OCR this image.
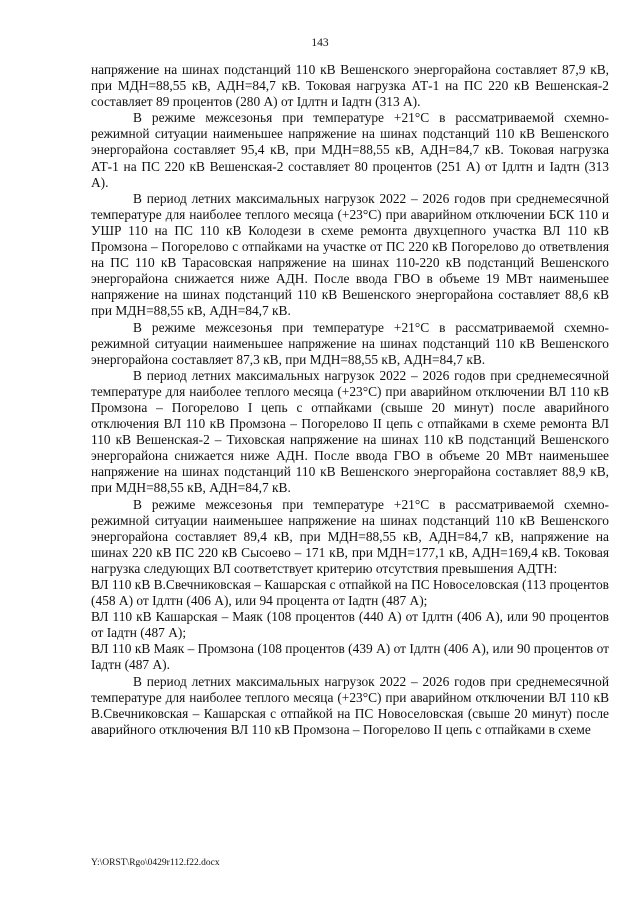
143

напряжение на шинах подстанций 110 кВ Вешенского энергорайона составляет 87,9 кВ, при МДН=88,55 кВ, АДН=84,7 кВ. Токовая нагрузка АТ-1 на ПС 220 кВ Вешенская-2 составляет 89 процентов (280 А) от Iдлтн и Iадтн (313 А).

В режиме межсезонья при температуре +21°С в рассматриваемой схемно-режимной ситуации наименьшее напряжение на шинах подстанций 110 кВ Вешенского энергорайона составляет 95,4 кВ, при МДН=88,55 кВ, АДН=84,7 кВ. Токовая нагрузка АТ-1 на ПС 220 кВ Вешенская-2 составляет 80 процентов (251 А) от Iдлтн и Iадтн (313 А).

В период летних максимальных нагрузок 2022 – 2026 годов при среднемесячной температуре для наиболее теплого месяца (+23°С) при аварийном отключении БСК 110 и УШР 110 на ПС 110 кВ Колодези в схеме ремонта двухцепного участка ВЛ 110 кВ Промзона – Погорелово с отпайками на участке от ПС 220 кВ Погорелово до ответвления на ПС 110 кВ Тарасовская напряжение на шинах 110-220 кВ подстанций Вешенского энергорайона снижается ниже АДН. После ввода ГВО в объеме 19 МВт наименьшее напряжение на шинах подстанций 110 кВ Вешенского энергорайона составляет 88,6 кВ при МДН=88,55 кВ, АДН=84,7 кВ.

В режиме межсезонья при температуре +21°С в рассматриваемой схемно-режимной ситуации наименьшее напряжение на шинах подстанций 110 кВ Вешенского энергорайона составляет 87,3 кВ, при МДН=88,55 кВ, АДН=84,7 кВ.

В период летних максимальных нагрузок 2022 – 2026 годов при среднемесячной температуре для наиболее теплого месяца (+23°С) при аварийном отключении ВЛ 110 кВ Промзона – Погорелово I цепь с отпайками (свыше 20 минут) после аварийного отключения ВЛ 110 кВ Промзона – Погорелово II цепь с отпайками в схеме ремонта ВЛ 110 кВ Вешенская-2 – Тиховская напряжение на шинах 110 кВ подстанций Вешенского энергорайона снижается ниже АДН. После ввода ГВО в объеме 20 МВт наименьшее напряжение на шинах подстанций 110 кВ Вешенского энергорайона составляет 88,9 кВ, при МДН=88,55 кВ, АДН=84,7 кВ.

В режиме межсезонья при температуре +21°С в рассматриваемой схемно-режимной ситуации наименьшее напряжение на шинах подстанций 110 кВ Вешенского энергорайона составляет 89,4 кВ, при МДН=88,55 кВ, АДН=84,7 кВ, напряжение на шинах 220 кВ ПС 220 кВ Сысоево – 171 кВ, при МДН=177,1 кВ, АДН=169,4 кВ. Токовая нагрузка следующих ВЛ соответствует критерию отсутствия превышения АДТН:

ВЛ 110 кВ В.Свечниковская – Кашарская с отпайкой на ПС Новоселовская (113 процентов (458 А) от Iдлтн (406 А), или 94 процента от Iадтн (487 А);

ВЛ 110 кВ Кашарская – Маяк (108 процентов (440 А) от Iдлтн (406 А), или 90 процентов от Iадтн (487 А);

ВЛ 110 кВ Маяк – Промзона (108 процентов (439 А) от Iдлтн (406 А), или 90 процентов от Iадтн (487 А).

В период летних максимальных нагрузок 2022 – 2026 годов при среднемесячной температуре для наиболее теплого месяца (+23°С) при аварийном отключении ВЛ 110 кВ В.Свечниковская – Кашарская с отпайкой на ПС Новоселовская (свыше 20 минут) после аварийного отключения ВЛ 110 кВ Промзона – Погорелово II цепь с отпайками в схеме

Y:\ORST\Rgo\0429r112.f22.docx
